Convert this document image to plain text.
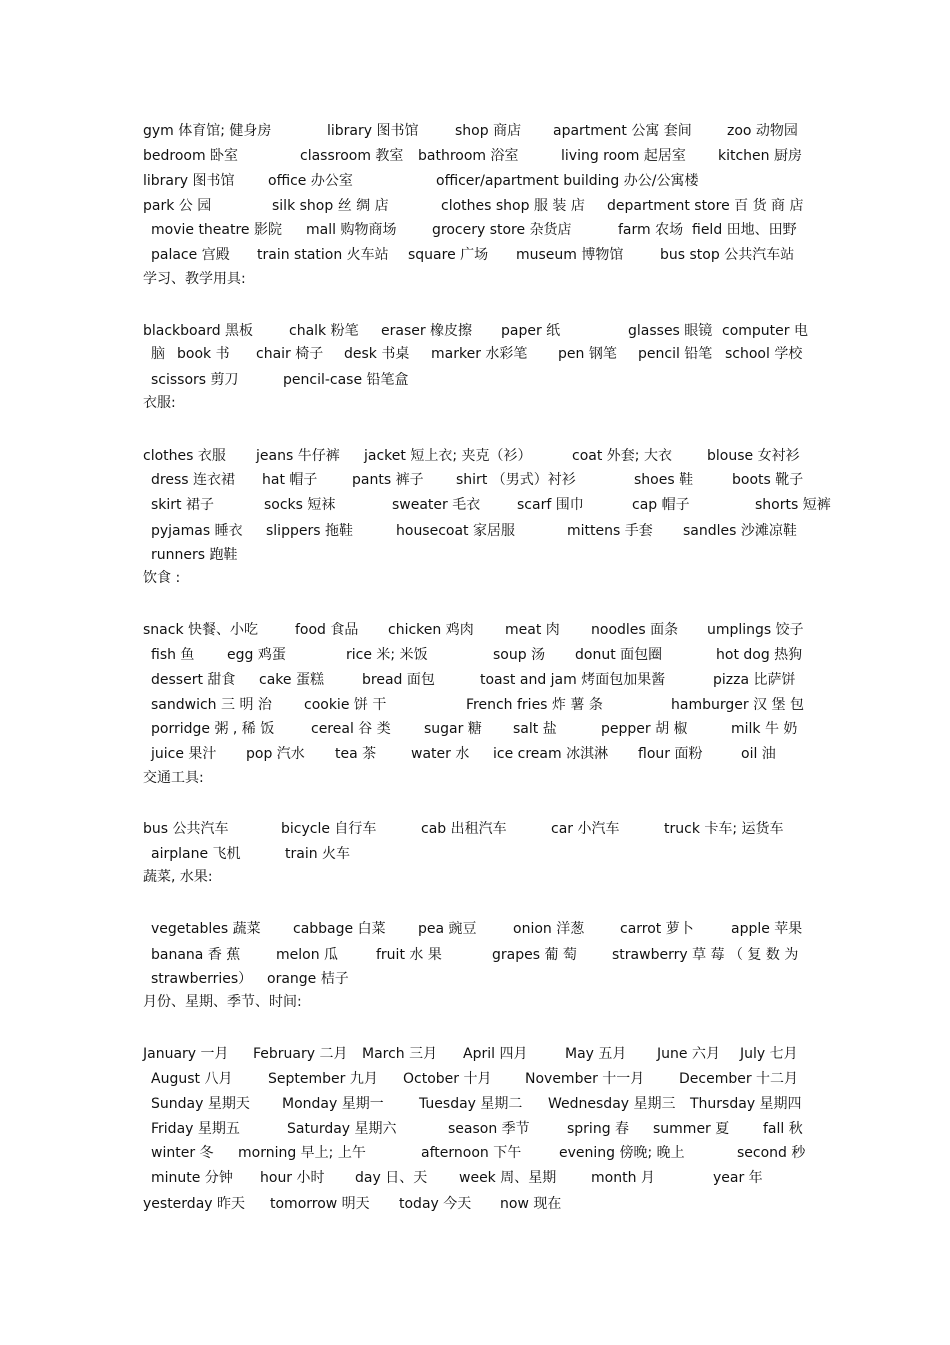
gym 体育馆; 健身房	library 图书馆	shop 商店 apartment 公寓 套间	zoo 动物园
bedroom 卧室	classroom 教室 bathroom 浴室	living room 起居室 kitchen 厨房
library 图书馆 office 办公室	officer/apartment building 办公/公寓楼
park 公 园	silk shop 丝 绸 店	clothes shop 服 装 店 department store 百 货 商 店
movie theatre 影院 mall 购物商场	grocery store 杂货店	farm 农场 field 田地、田野
palace 宫殿 train station 火车站 square 广场 museum 博物馆	bus stop 公共汽车站
学习、教学用具:
blackboard 黑板	chalk 粉笔 eraser 橡皮擦 paper 纸	glasses 眼镜 computer 电
脑 book 书 chair 椅子 desk 书桌 marker 水彩笔 pen 钢笔 pencil 铅笔 school 学校
scissors 剪刀	pencil-case 铅笔盒
衣服:
clothes 衣服 jeans 牛仔裤 jacket 短上衣; 夹克（衫）	coat 外套; 大衣	blouse 女衬衫
dress 连衣裙 hat 帽子 pants 裤子 shirt （男式）衬衫	shoes 鞋	boots 靴子
skirt 裙子	socks 短袜	sweater 毛衣	scarf 围巾	cap 帽子	shorts 短裤
pyjamas 睡衣 slippers 拖鞋	housecoat 家居服	mittens 手套 sandles 沙滩凉鞋
runners 跑鞋
饮食 :
snack 快餐、小吃	food 食品 chicken 鸡肉 meat 肉 noodles 面条 umplings 饺子
fish 鱼 egg 鸡蛋	rice 米; 米饭	soup 汤 donut 面包圈	hot dog 热狗
dessert 甜食 cake 蛋糕	bread 面包	toast and jam 烤面包加果酱	pizza 比萨饼
sandwich 三 明 治 cookie 饼 干	French fries 炸 薯 条	hamburger 汉 堡 包
porridge 粥 , 稀 饭	cereal 谷 类 sugar 糖 salt 盐	pepper 胡 椒	milk 牛 奶
juice 果汁 pop 汽水 tea 茶 water 水 ice cream 冰淇淋 flour 面粉	oil 油
交通工具:
bus 公共汽车	bicycle 自行车	cab 出租汽车	car 小汽车	truck 卡车; 运货车
airplane 飞机	train 火车
蔬菜, 水果:
vegetables 蔬菜 cabbage 白菜 pea 豌豆	onion 洋葱	carrot 萝卜	apple 苹果
banana 香 蕉	melon 瓜	fruit 水 果	grapes 葡 萄	strawberry 草 莓 （ 复 数 为
strawberries） orange 桔子
月份、星期、季节、时间:
January 一月 February 二月 March 三月 April 四月	May 五月 June 六月 July 七月
August 八月	September 九月 October 十月 November 十一月 December 十二月
Sunday 星期天 Monday 星期一	Tuesday 星期二 Wednesday 星期三 Thursday 星期四
Friday 星期五	Saturday 星期六	season 季节	spring 春 summer 夏 fall 秋
winter 冬 morning 早上; 上午	afternoon 下午	evening 傍晚; 晚上	second 秒
minute 分钟 hour 小时 day 日、天 week 周、星期 month 月	year 年
yesterday 昨天 tomorrow 明天 today 今天 now 现在
